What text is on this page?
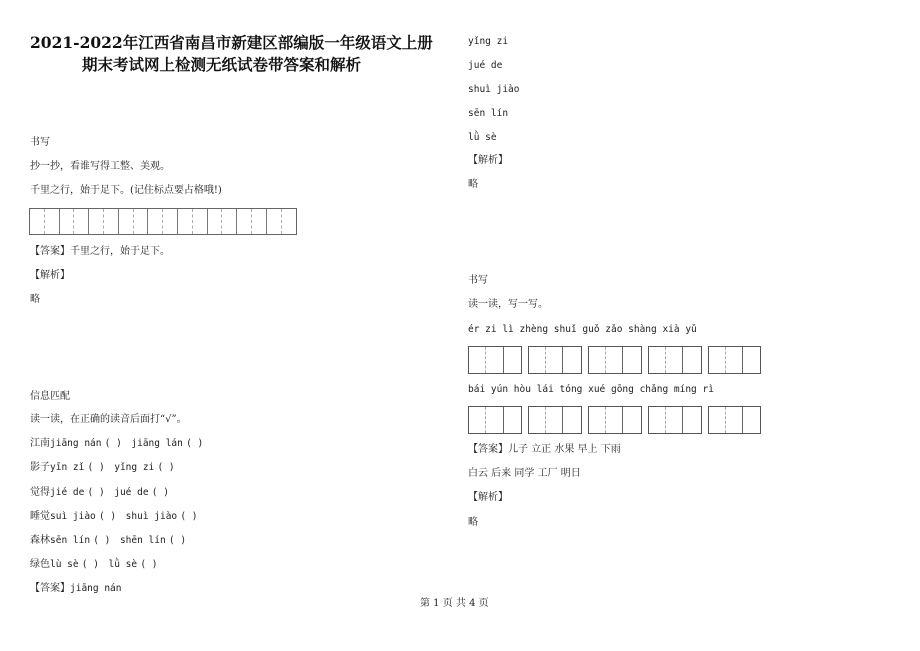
2021-2022年江西省南昌市新建区部编版一年级语文上册
期末考试网上检测无纸试卷带答案和解析
书写
抄一抄，看谁写得工整、美观。
千里之行，始于足下。(记住标点要占格哦!)
【答案】千里之行，始于足下。
【解析】
略
信息匹配
读一读，在正确的读音后面打“√”。
江南jiāng nán ( ) jiāng lán ( )
影子yīn zǐ ( ) yǐng zi ( )
觉得jié de ( ) jué de ( )
睡觉suì jiào ( ) shuì jiào ( )
森林sēn lín ( ) shēn lín ( )
绿色lù sè ( ) lǜ sè ( )
【答案】jiāng nán
yǐng zi
jué de
shuì jiào
sēn lín
lǜ sè
【解析】
略
书写
读一读，写一写。
ér zi lì zhèng shuǐ guǒ zǎo shàng xià yǔ
bái yún hòu lái tóng xué gōng chǎng míng rì
【答案】儿子 立正 水果 早上 下雨
白云 后来 同学 工厂 明日
【解析】
略
第 1 页 共 4 页
